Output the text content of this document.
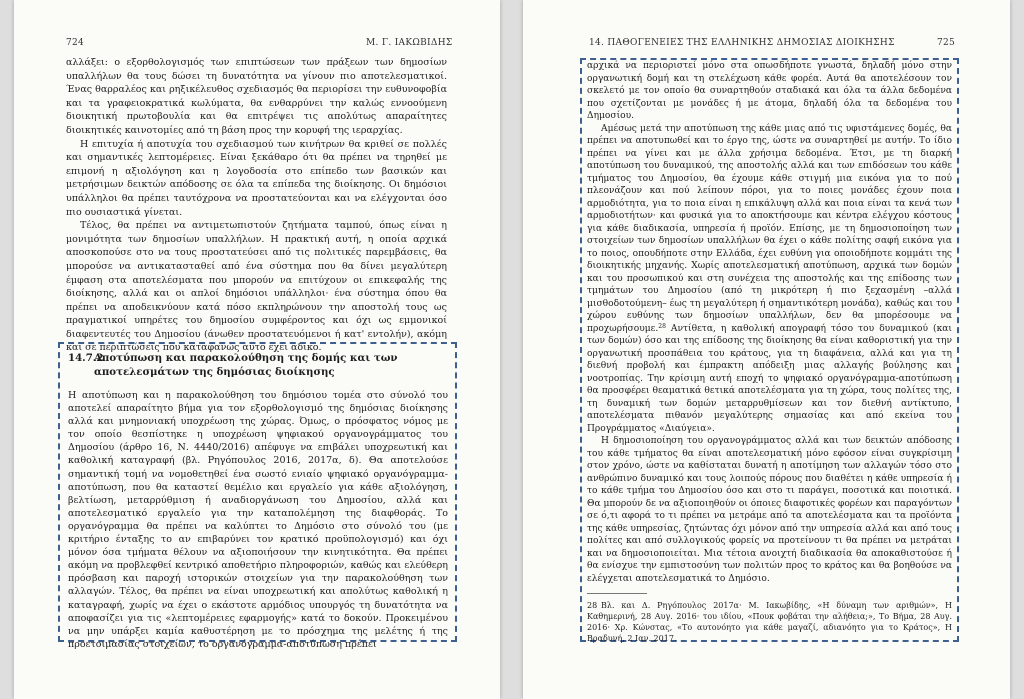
724	Μ. Γ. ΙΑΚΩΒΙΔΗΣ

αλλάξει: ο εξορθολογισμός των επιπτώσεων των πράξεων των δημοσίων υπαλλήλων θα τους δώσει τη δυνατότητα να γίνουν πιο αποτελεσματικοί. Ένας θαρραλέος και ρηξικέλευθος σχεδιασμός θα περιορίσει την ευθυνοφοβία και τα γραφειοκρατικά κωλύματα, θα ενθαρρύνει την καλώς εννοούμενη διοικητική πρωτοβουλία και θα επιτρέψει τις απολύτως απαραίτητες διοικητικές καινοτομίες από τη βάση προς την κορυφή της ιεραρχίας.

Η επιτυχία ή αποτυχία του σχεδιασμού των κινήτρων θα κριθεί σε πολλές και σημαντικές λεπτομέρειες. Είναι ξεκάθαρο ότι θα πρέπει να τηρηθεί με επιμονή η αξιολόγηση και η λογοδοσία στο επίπεδο των βασικών και μετρήσιμων δεικτών απόδοσης σε όλα τα επίπεδα της διοίκησης. Οι δημόσιοι υπάλληλοι θα πρέπει ταυτόχρονα να προστατεύονται και να ελέγχονται όσο πιο ουσιαστικά γίνεται.

Τέλος, θα πρέπει να αντιμετωπιστούν ζητήματα ταμπού, όπως είναι η μονιμότητα των δημοσίων υπαλλήλων. Η πρακτική αυτή, η οποία αρχικά αποσκοπούσε στο να τους προστατεύσει από τις πολιτικές παρεμβάσεις, θα μπορούσε να αντικατασταθεί από ένα σύστημα που θα δίνει μεγαλύτερη έμφαση στα αποτελέσματα που μπορούν να επιτύχουν οι επικεφαλής της διοίκησης, αλλά και οι απλοί δημόσιοι υπάλληλοι· ένα σύστημα όπου θα πρέπει να αποδεικνύουν κατά πόσο εκπληρώνουν την αποστολή τους ως πραγματικοί υπηρέτες του δημοσίου συμφέροντος και όχι ως εμμονικοί διαφεντευτές του Δημοσίου (άνωθεν προστατευόμενοι ή κατ' εντολήν), ακόμη και σε περιπτώσεις που καταφανώς αυτό έχει άδικο.

14.7.2
Αποτύπωση και παρακολούθηση της δομής και των αποτελεσμάτων της δημόσιας διοίκησης

Η αποτύπωση και η παρακολούθηση του δημόσιου τομέα στο σύνολό του αποτελεί απαραίτητο βήμα για τον εξορθολογισμό της δημόσιας διοίκησης αλλά και μνημονιακή υποχρέωση της χώρας. Όμως, ο πρόσφατος νόμος με τον οποίο θεσπίστηκε η υποχρέωση ψηφιακού οργανογράμματος του Δημοσίου (άρθρο 16, Ν. 4440/2016) απέφυγε να επιβάλει υποχρεωτική και καθολική καταγραφή (βλ. Ρηγόπουλος 2016, 2017α, δ). Θα αποτελούσε σημαντική τομή να νομοθετηθεί ένα σωστό ενιαίο ψηφιακό οργανόγραμμα-αποτύπωση, που θα καταστεί θεμέλιο και εργαλείο για κάθε αξιολόγηση, βελτίωση, μεταρρύθμιση ή αναδιοργάνωση του Δημοσίου, αλλά και αποτελεσματικό εργαλείο για την καταπολέμηση της διαφθοράς. Το οργανόγραμμα θα πρέπει να καλύπτει το Δημόσιο στο σύνολό του (με κριτήριο ένταξης το αν επιβαρύνει τον κρατικό προϋπολογισμό) και όχι μόνον όσα τμήματα θέλουν να αξιοποιήσουν την κινητικότητα. Θα πρέπει ακόμη να προβλεφθεί κεντρικό αποθετήριο πληροφοριών, καθώς και ελεύθερη πρόσβαση και παροχή ιστορικών στοιχείων για την παρακολούθηση των αλλαγών. Τέλος, θα πρέπει να είναι υποχρεωτική και απολύτως καθολική η καταγραφή, χωρίς να έχει ο εκάστοτε αρμόδιος υπουργός τη δυνατότητα να αποφασίζει για τις «λεπτομέρειες εφαρμογής» κατά το δοκούν. Προκειμένου να μην υπάρξει καμία καθυστέρηση με το πρόσχημα της μελέτης ή της προετοιμασίας στοιχείων, το οργανόγραμμα-αποτύπωση πρέπει

14. ΠΑΘΟΓΕΝΕΙΕΣ ΤΗΣ ΕΛΛΗΝΙΚΗΣ ΔΗΜΟΣΙΑΣ ΔΙΟΙΚΗΣΗΣ	725

αρχικά να περιοριστεί μόνο στα οπωσδήποτε γνωστά, δηλαδή μόνο στην οργανωτική δομή και τη στελέχωση κάθε φορέα. Αυτά θα αποτελέσουν τον σκελετό με τον οποίο θα συναρτηθούν σταδιακά και όλα τα άλλα δεδομένα που σχετίζονται με μονάδες ή με άτομα, δηλαδή όλα τα δεδομένα του Δημοσίου.

Αμέσως μετά την αποτύπωση της κάθε μιας από τις υφιστάμενες δομές, θα πρέπει να αποτυπωθεί και το έργο της, ώστε να συναρτηθεί με αυτήν. Το ίδιο πρέπει να γίνει και με άλλα χρήσιμα δεδομένα. Έτσι, με τη διαρκή αποτύπωση του δυναμικού, της αποστολής αλλά και των επιδόσεων του κάθε τμήματος του Δημοσίου, θα έχουμε κάθε στιγμή μια εικόνα για το πού πλεονάζουν και πού λείπουν πόροι, για το ποιες μονάδες έχουν ποια αρμοδιότητα, για το ποια είναι η επικάλυψη αλλά και ποια είναι τα κενά των αρμοδιοτήτων· και φυσικά για το αποκτήσουμε και κέντρα ελέγχου κόστους για κάθε διαδικασία, υπηρεσία ή προϊόν. Επίσης, με τη δημοσιοποίηση των στοιχείων των δημοσίων υπαλλήλων θα έχει ο κάθε πολίτης σαφή εικόνα για το ποιος, οπουδήποτε στην Ελλάδα, έχει ευθύνη για οποιοδήποτε κομμάτι της διοικητικής μηχανής. Χωρίς αποτελεσματική αποτύπωση, αρχικά των δομών και του προσωπικού και στη συνέχεια της αποστολής και της επίδοσης των τμημάτων του Δημοσίου (από τη μικρότερη ή πιο ξεχασμένη –αλλά μισθοδοτούμενη– έως τη μεγαλύτερη ή σημαντικότερη μονάδα), καθώς και του χώρου ευθύνης των δημοσίων υπαλλήλων, δεν θα μπορέσουμε να προχωρήσουμε.$^{28}$ Αντίθετα, η καθολική απογραφή τόσο του δυναμικού (και των δομών) όσο και της επίδοσης της διοίκησης θα είναι καθοριστική για την οργανωτική προσπάθεια του κράτους, για τη διαφάνεια, αλλά και για τη διεθνή προβολή και έμπρακτη απόδειξη μιας αλλαγής βούλησης και νοοτροπίας. Την κρίσιμη αυτή εποχή το ψηφιακό οργανόγραμμα-αποτύπωση θα προσφέρει θεαματικά θετικά αποτελέσματα για τη χώρα, τους πολίτες της, τη δυναμική των δομών μεταρρυθμίσεων και τον διεθνή αντίκτυπο, αποτελέσματα πιθανόν μεγαλύτερης σημασίας και από εκείνα του Προγράμματος «Διαύγεια».

Η δημοσιοποίηση του οργανογράμματος αλλά και των δεικτών απόδοσης του κάθε τμήματος θα είναι αποτελεσματική μόνο εφόσον είναι συγκρίσιμη στον χρόνο, ώστε να καθίσταται δυνατή η αποτίμηση των αλλαγών τόσο στο ανθρώπινο δυναμικό και τους λοιπούς πόρους που διαθέτει η κάθε υπηρεσία ή το κάθε τμήμα του Δημοσίου όσο και στο τι παράγει, ποσοτικά και ποιοτικά. Θα μπορούν δε να αξιοποιηθούν οι όποιες διαφοτικές φορέων και παραγόντων σε ό,τι αφορά το τι πρέπει να μετράμε από τα αποτελέσματα και τα προϊόντα της κάθε υπηρεσίας, ζητώντας όχι μόνον από την υπηρεσία αλλά και από τους πολίτες και από συλλογικούς φορείς να προτείνουν τι θα πρέπει να μετράται και να δημοσιοποιείται. Μια τέτοια ανοιχτή διαδικασία θα αποκαθιστούσε ή θα ενίσχυε την εμπιστοσύνη των πολιτών προς το κράτος και θα βοηθούσε να ελέγχεται αποτελεσματικά το Δημόσιο.

28 Βλ. και Δ. Ρηγόπουλος 2017α· Μ. Ιακωβίδης, «Η δύναμη των αριθμών», Η Καθημερινή, 28 Αυγ. 2016· του ιδίου, «Πουκ φοβάται την αλήθεια;», Το Βήμα, 28 Αυγ. 2016· Χρ. Κώνστας, «Το αυτονόητο για κάθε μαγαζί, αδιανόητο για το Κράτος», Η Βραδυνή, 2 Ιαν. 2017.
